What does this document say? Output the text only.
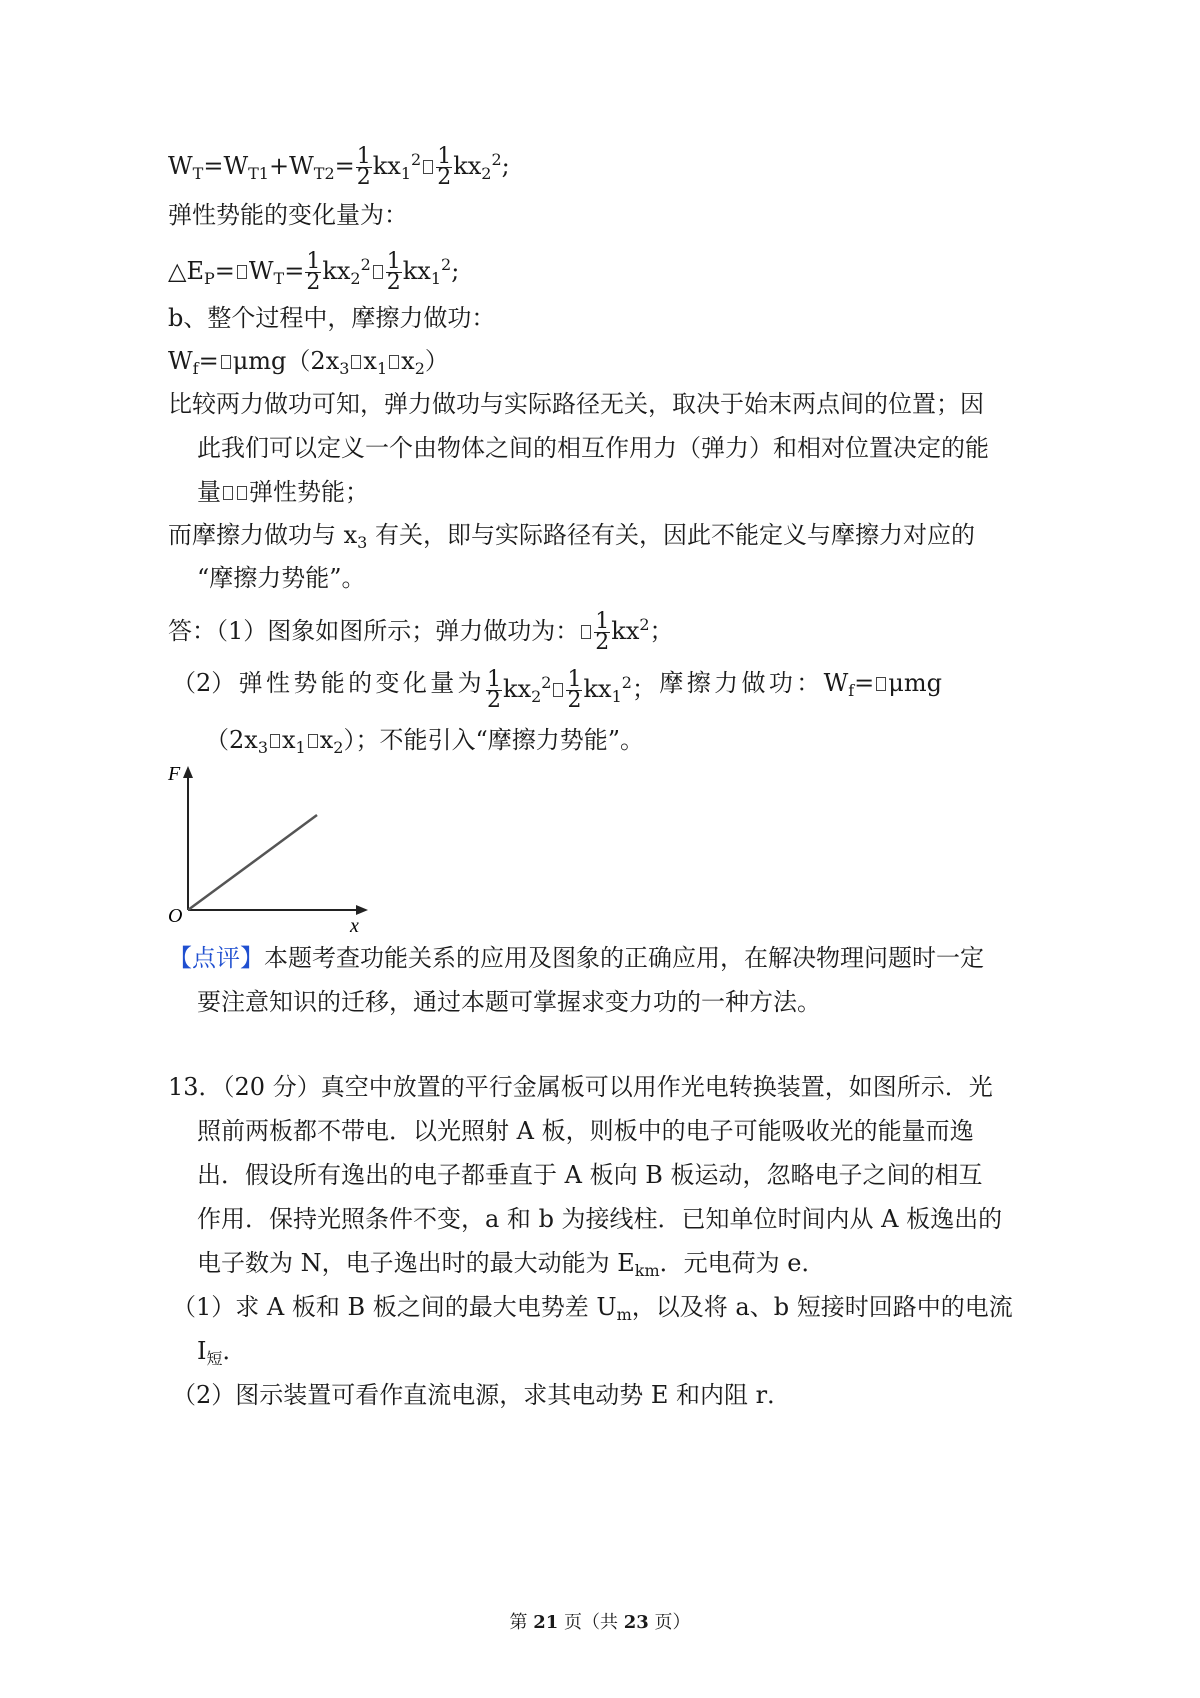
$W_T=W_{T1}+W_{T2}= \frac{1}{2} kx_1^2 \frac{1}{2} kx_2^2$;
弹性势能的变化量为：
$\triangle E_P= W_T= \frac{1}{2} kx_2^2 \frac{1}{2} kx_1^2$;
b、整个过程中，摩擦力做功：
$W_f= \mu mg(2x_3$ $x_1$ $x_2$）
比较两力做功可知，弹力做功与实际路径无关，取决于始末两点间的位置；因
此我们可以定义一个由物体之间的相互作用力（弹力）和相对位置决定的能
量 弹性势能；
而摩擦力做功与 $x_3$ 有关，即与实际路径有关，因此不能定义与摩擦力对应的
“摩擦力势能”。
答：（1）图象如图所示；弹力做功为： $\frac{1}{2} kx^2$；
（2） 弹 性 势 能 的 变 化 量 为 $\frac{1}{2} kx_2^2 \frac{1}{2} kx_1^2$； 摩 擦 力 做 功 ： $W_f= \mu mg$
（$2x_3$ $x_1$ $x_2$）；不能引入“摩擦力势能”。
F
x
O
【点评】本题考查功能关系的应用及图象的正确应用，在解决物理问题时一定
要注意知识的迁移，通过本题可掌握求变力功的一种方法。
13．（20 分）真空中放置的平行金属板可以用作光电转换装置，如图所示．光
照前两板都不带电．以光照射 A 板，则板中的电子可能吸收光的能量而逸
出．假设所有逸出的电子都垂直于 A 板向 B 板运动，忽略电子之间的相互
作用．保持光照条件不变，a 和 b 为接线柱．已知单位时间内从 A 板逸出的
电子数为 N，电子逸出时的最大动能为 $E_{km}$．元电荷为 e．
（1）求 A 板和 B 板之间的最大电势差 $U_m$，以及将 a、b 短接时回路中的电流
$I_短$．
（2）图示装置可看作直流电源，求其电动势 E 和内阻 r．
第 21 页（共 23 页）
